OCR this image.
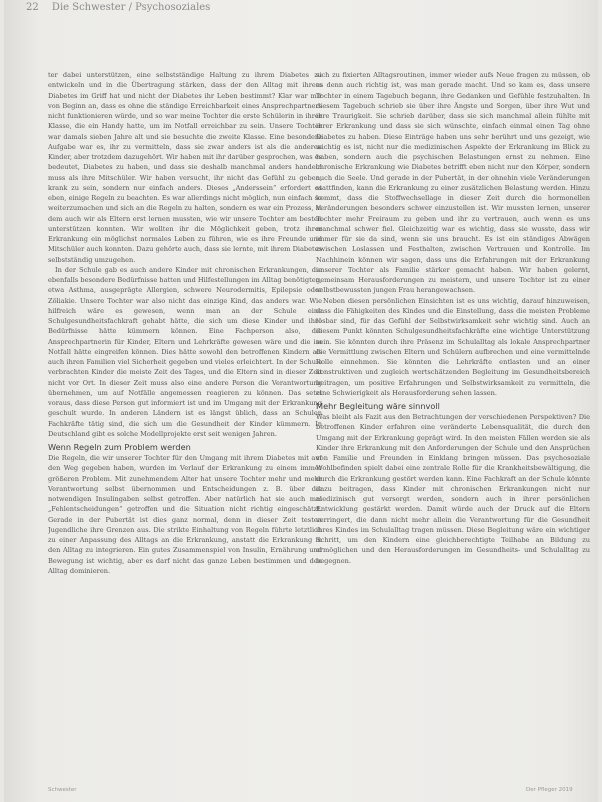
22 Die Schwester / Psychosoziales

ter dabei unterstützen, eine selbstständige Haltung zu ihrem Diabetes zu entwickeln und in die Übertragung stärken, dass der den Alltag mit ihrem Diabetes im Griff hat und nicht der Diabetes ihr Leben bestimmt? Klar war mir von Beginn an, dass es ohne die ständige Erreichbarkeit eines Ansprechpartners nicht funktionieren würde, und so war meine Tochter die erste Schülerin in ihrer Klasse, die ein Handy hatte, um im Notfall erreichbar zu sein. Unsere Tochter war damals sieben Jahre alt und sie besuchte die zweite Klasse. Eine besondere Aufgabe war es, ihr zu vermitteln, dass sie zwar anders ist als die anderen Kinder, aber trotzdem dazugehört. Wir haben mit ihr darüber gesprochen, was es bedeutet, Diabetes zu haben, und dass sie deshalb manchmal anders handeln muss als ihre Mitschüler. Wir haben versucht, ihr nicht das Gefühl zu geben, krank zu sein, sondern nur einfach anders. Dieses „Anderssein“ erfordert es eben, einige Regeln zu beachten. Es war allerdings nicht möglich, nun einfach so weiterzumachen und sich an die Regeln zu halten, sondern es war ein Prozess, in dem auch wir als Eltern erst lernen mussten, wie wir unsere Tochter am besten unterstützen konnten. Wir wollten ihr die Möglichkeit geben, trotz ihrer Erkrankung ein möglichst normales Leben zu führen, wie es ihre Freunde und Mitschüler auch konnten. Dazu gehörte auch, dass sie lernte, mit ihrem Diabetes selbstständig umzugehen.

In der Schule gab es auch andere Kinder mit chronischen Erkrankungen, die ebenfalls besondere Bedürfnisse hatten und Hilfestellungen im Alltag benötigten, etwa Asthma, ausgeprägte Allergien, schwere Neurodermitis, Epilepsie oder Zöliakie. Unsere Tochter war also nicht das einzige Kind, das anders war. Wie hilfreich wäre es gewesen, wenn man an der Schule eine Schulgesundheitsfachkraft gehabt hätte, die sich um diese Kinder und ihre Bedürfnisse hätte kümmern können. Eine Fachperson also, die Ansprechpartnerin für Kinder, Eltern und Lehrkräfte gewesen wäre und die im Notfall hätte eingreifen können. Dies hätte sowohl den betroffenen Kindern als auch ihren Familien viel Sicherheit gegeben und vieles erleichtert. In der Schule verbrachten Kinder die meiste Zeit des Tages, und die Eltern sind in dieser Zeit nicht vor Ort. In dieser Zeit muss also eine andere Person die Verantwortung übernehmen, um auf Notfälle angemessen reagieren zu können. Das setzt voraus, dass diese Person gut informiert ist und im Umgang mit der Erkrankung geschult wurde. In anderen Ländern ist es längst üblich, dass an Schulen Fachkräfte tätig sind, die sich um die Gesundheit der Kinder kümmern. In Deutschland gibt es solche Modellprojekte erst seit wenigen Jahren.

Wenn Regeln zum Problem werden

Die Regeln, die wir unserer Tochter für den Umgang mit ihrem Diabetes mit auf den Weg gegeben haben, wurden im Verlauf der Erkrankung zu einem immer größeren Problem. Mit zunehmendem Alter hat unsere Tochter mehr und mehr Verantwortung selbst übernommen und Entscheidungen z. B. über die notwendigen Insulingaben selbst getroffen. Aber natürlich hat sie auch mal „Fehlentscheidungen“ getroffen und die Situation nicht richtig eingeschätzt. Gerade in der Pubertät ist dies ganz normal, denn in dieser Zeit testen Jugendliche ihre Grenzen aus. Die strikte Einhaltung von Regeln führte letztlich zu einer Anpassung des Alltags an die Erkrankung, anstatt die Erkrankung in den Alltag zu integrieren. Ein gutes Zusammenspiel von Insulin, Ernährung und Bewegung ist wichtig, aber es darf nicht das ganze Leben bestimmen und den Alltag dominieren.

sich zu fixierten Alltagsroutinen, immer wieder aufs Neue fragen zu müssen, ob es denn auch richtig ist, was man gerade macht. Und so kam es, dass unsere Tochter in einem Tagebuch begann, ihre Gedanken und Gefühle festzuhalten. In diesem Tagebuch schrieb sie über ihre Ängste und Sorgen, über ihre Wut und ihre Traurigkeit. Sie schrieb darüber, dass sie sich manchmal allein fühlte mit ihrer Erkrankung und dass sie sich wünschte, einfach einmal einen Tag ohne Diabetes zu haben. Diese Einträge haben uns sehr berührt und uns gezeigt, wie wichtig es ist, nicht nur die medizinischen Aspekte der Erkrankung im Blick zu haben, sondern auch die psychischen Belastungen ernst zu nehmen. Eine chronische Erkrankung wie Diabetes betrifft eben nicht nur den Körper, sondern auch die Seele. Und gerade in der Pubertät, in der ohnehin viele Veränderungen stattfinden, kann die Erkrankung zu einer zusätzlichen Belastung werden. Hinzu kommt, dass die Stoffwechsellage in dieser Zeit durch die hormonellen Veränderungen besonders schwer einzustellen ist. Wir mussten lernen, unserer Tochter mehr Freiraum zu geben und ihr zu vertrauen, auch wenn es uns manchmal schwer fiel. Gleichzeitig war es wichtig, dass sie wusste, dass wir immer für sie da sind, wenn sie uns braucht. Es ist ein ständiges Abwägen zwischen Loslassen und Festhalten, zwischen Vertrauen und Kontrolle. Im Nachhinein können wir sagen, dass uns die Erfahrungen mit der Erkrankung unserer Tochter als Familie stärker gemacht haben. Wir haben gelernt, gemeinsam Herausforderungen zu meistern, und unsere Tochter ist zu einer selbstbewussten jungen Frau herangewachsen.

Neben diesen persönlichen Einsichten ist es uns wichtig, darauf hinzuweisen, dass die Fähigkeiten des Kindes und die Einstellung, dass die meisten Probleme lösbar sind, für das Gefühl der Selbstwirksamkeit sehr wichtig sind. Auch an diesem Punkt könnten Schulgesundheitsfachkräfte eine wichtige Unterstützung sein. Sie könnten durch ihre Präsenz im Schulalltag als lokale Ansprechpartner die Vermittlung zwischen Eltern und Schülern aufbrechen und eine vermittelnde Rolle einnehmen. Sie könnten die Lehrkräfte entlasten und an einer konstruktiven und zugleich wertschätzenden Begleitung im Gesundheitsbereich beitragen, um positive Erfahrungen und Selbstwirksamkeit zu vermitteln, die eine Schwierigkeit als Herausforderung sehen lassen.

Mehr Begleitung wäre sinnvoll

Was bleibt als Fazit aus den Betrachtungen der verschiedenen Perspektiven? Die betroffenen Kinder erfahren eine veränderte Lebensqualität, die durch den Umgang mit der Erkrankung geprägt wird. In den meisten Fällen werden sie als Kinder ihre Erkrankung mit den Anforderungen der Schule und den Ansprüchen von Familie und Freunden in Einklang bringen müssen. Das psychosoziale Wohlbefinden spielt dabei eine zentrale Rolle für die Krankheitsbewältigung, die durch die Erkrankung gestört werden kann. Eine Fachkraft an der Schule könnte dazu beitragen, dass Kinder mit chronischen Erkrankungen nicht nur medizinisch gut versorgt werden, sondern auch in ihrer persönlichen Entwicklung gestärkt werden. Damit würde auch der Druck auf die Eltern verringert, die dann nicht mehr allein die Verantwortung für die Gesundheit ihres Kindes im Schulalltag tragen müssen. Diese Begleitung wäre ein wichtiger Schritt, um den Kindern eine gleichberechtigte Teilhabe an Bildung zu ermöglichen und den Herausforderungen im Gesundheits- und Schulalltag zu begegnen.

Schwester	Der Pfleger 2019
